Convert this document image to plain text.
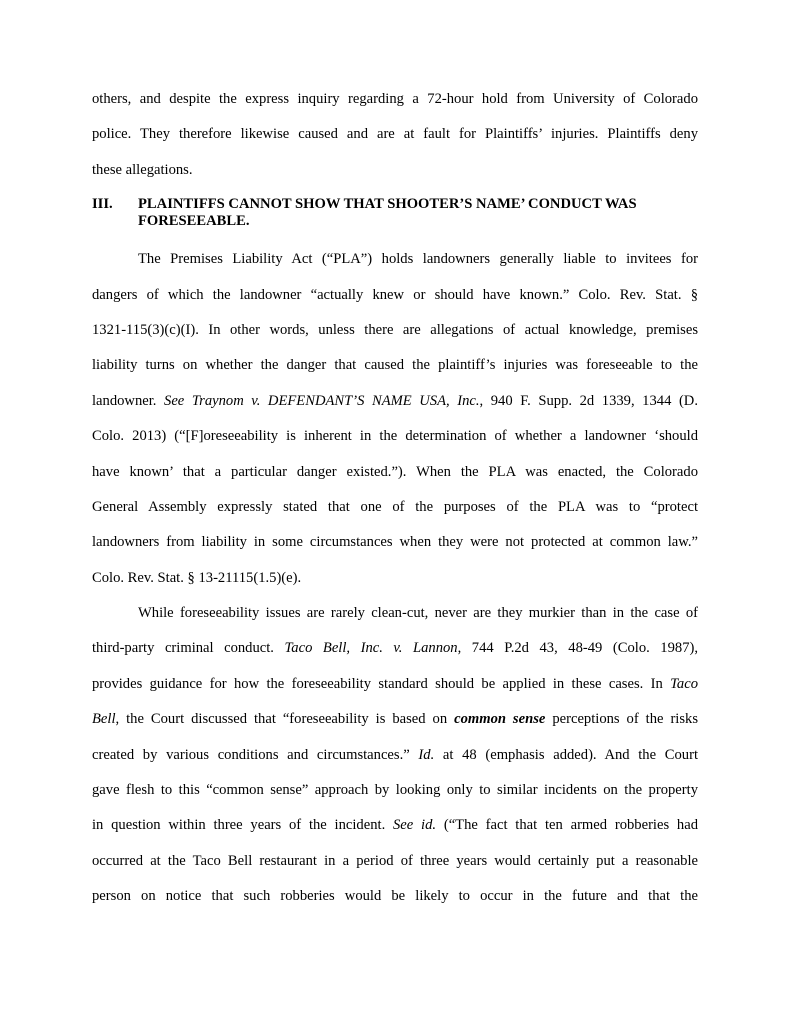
others, and despite the express inquiry regarding a 72-hour hold from University of Colorado
police. They therefore likewise caused and are at fault for Plaintiffs’ injuries. Plaintiffs deny
these allegations.
III. PLAINTIFFS CANNOT SHOW THAT SHOOTER’S NAME’ CONDUCT WAS
FORESEEABLE.
The Premises Liability Act (“PLA”) holds landowners generally liable to invitees for
dangers of which the landowner “actually knew or should have known.” Colo. Rev. Stat. §
1321-115(3)(c)(I). In other words, unless there are allegations of actual knowledge, premises
liability turns on whether the danger that caused the plaintiff’s injuries was foreseeable to the
landowner. See Traynom v. DEFENDANT’S NAME USA, Inc., 940 F. Supp. 2d 1339, 1344 (D.
Colo. 2013) (“[F]oreseeability is inherent in the determination of whether a landowner ‘should
have known’ that a particular danger existed.”). When the PLA was enacted, the Colorado
General Assembly expressly stated that one of the purposes of the PLA was to “protect
landowners from liability in some circumstances when they were not protected at common law.”
Colo. Rev. Stat. § 13-21115(1.5)(e).
While foreseeability issues are rarely clean-cut, never are they murkier than in the case of
third-party criminal conduct. Taco Bell, Inc. v. Lannon, 744 P.2d 43, 48-49 (Colo. 1987),
provides guidance for how the foreseeability standard should be applied in these cases. In Taco
Bell, the Court discussed that “foreseeability is based on common sense perceptions of the risks
created by various conditions and circumstances.” Id. at 48 (emphasis added). And the Court
gave flesh to this “common sense” approach by looking only to similar incidents on the property
in question within three years of the incident. See id. (“The fact that ten armed robberies had
occurred at the Taco Bell restaurant in a period of three years would certainly put a reasonable
person on notice that such robberies would be likely to occur in the future and that the
